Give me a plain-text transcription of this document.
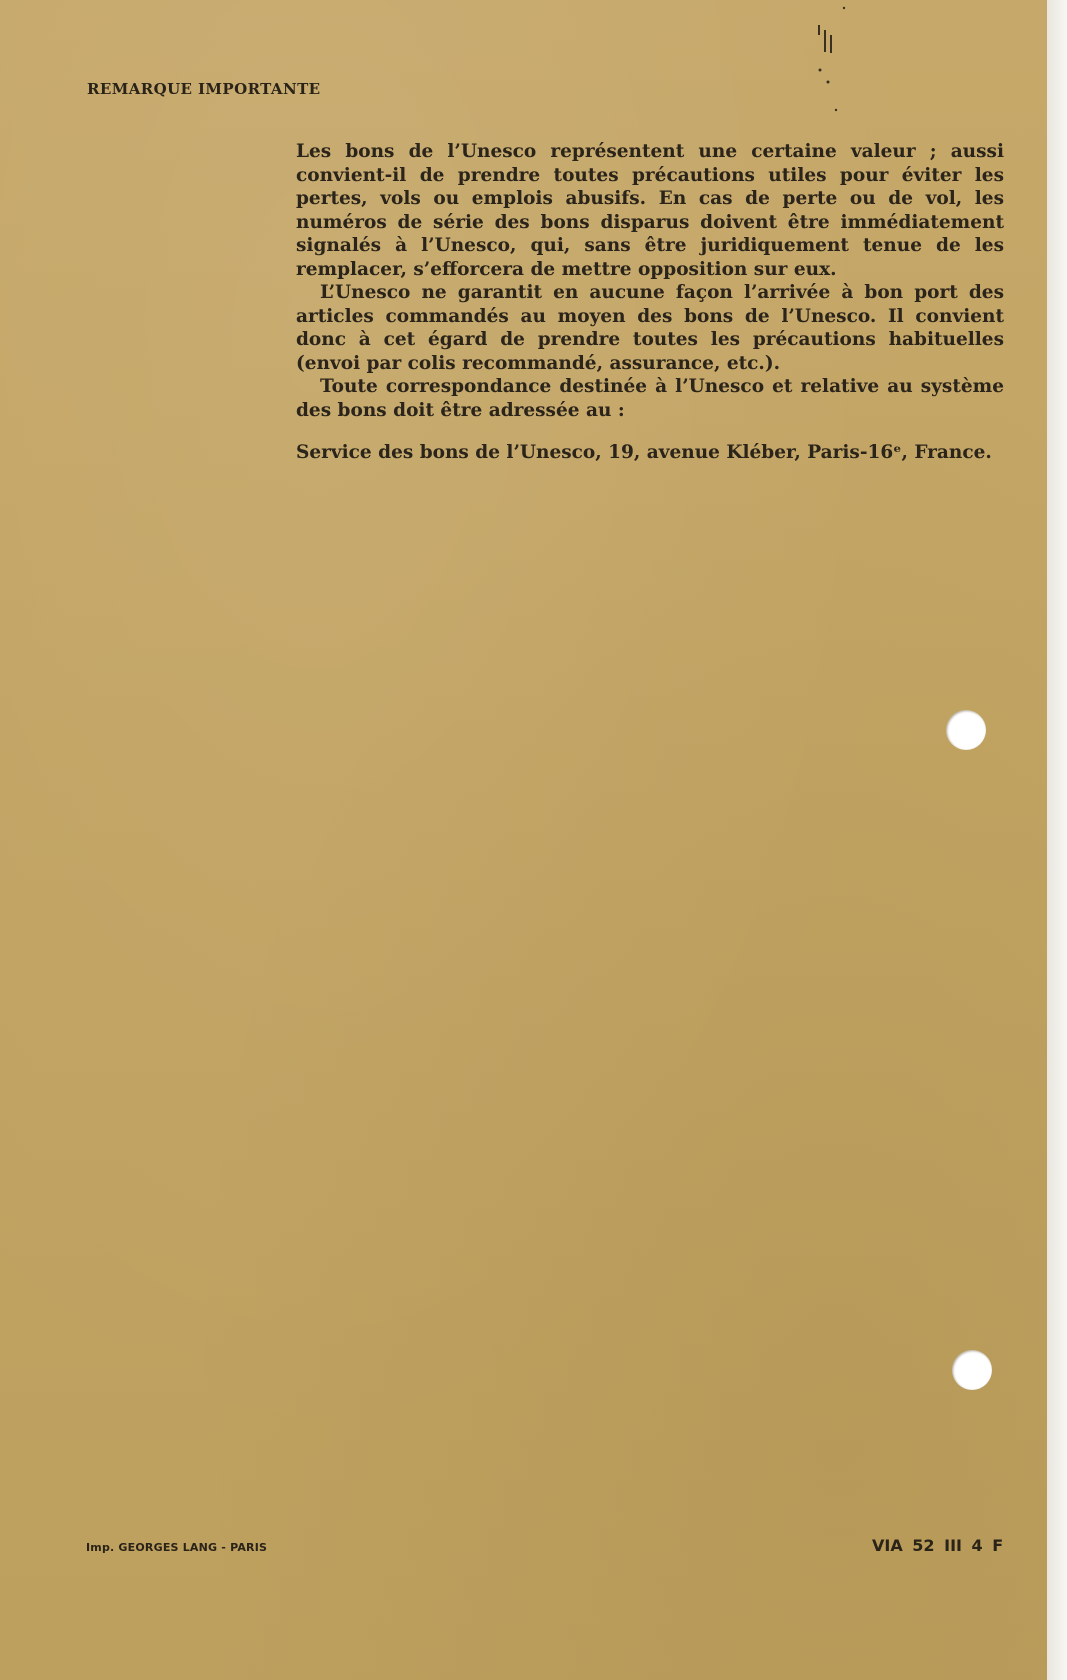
REMARQUE IMPORTANTE

Les bons de l’Unesco représentent une certaine valeur ; aussi convient-il de prendre toutes précautions utiles pour éviter les pertes, vols ou emplois abusifs. En cas de perte ou de vol, les numéros de série des bons disparus doivent être immédiatement signalés à l’Unesco, qui, sans être juridiquement tenue de les remplacer, s’efforcera de mettre opposition sur eux.

L’Unesco ne garantit en aucune façon l’arrivée à bon port des articles commandés au moyen des bons de l’Unesco. Il convient donc à cet égard de prendre toutes les précautions habituelles (envoi par colis recommandé, assurance, etc.).

Toute correspondance destinée à l’Unesco et relative au système des bons doit être adressée au :

Service des bons de l’Unesco, 19, avenue Kléber, Paris-16ᵉ, France.
Imp. GEORGES LANG - PARIS	VIA 52 III 4 F
